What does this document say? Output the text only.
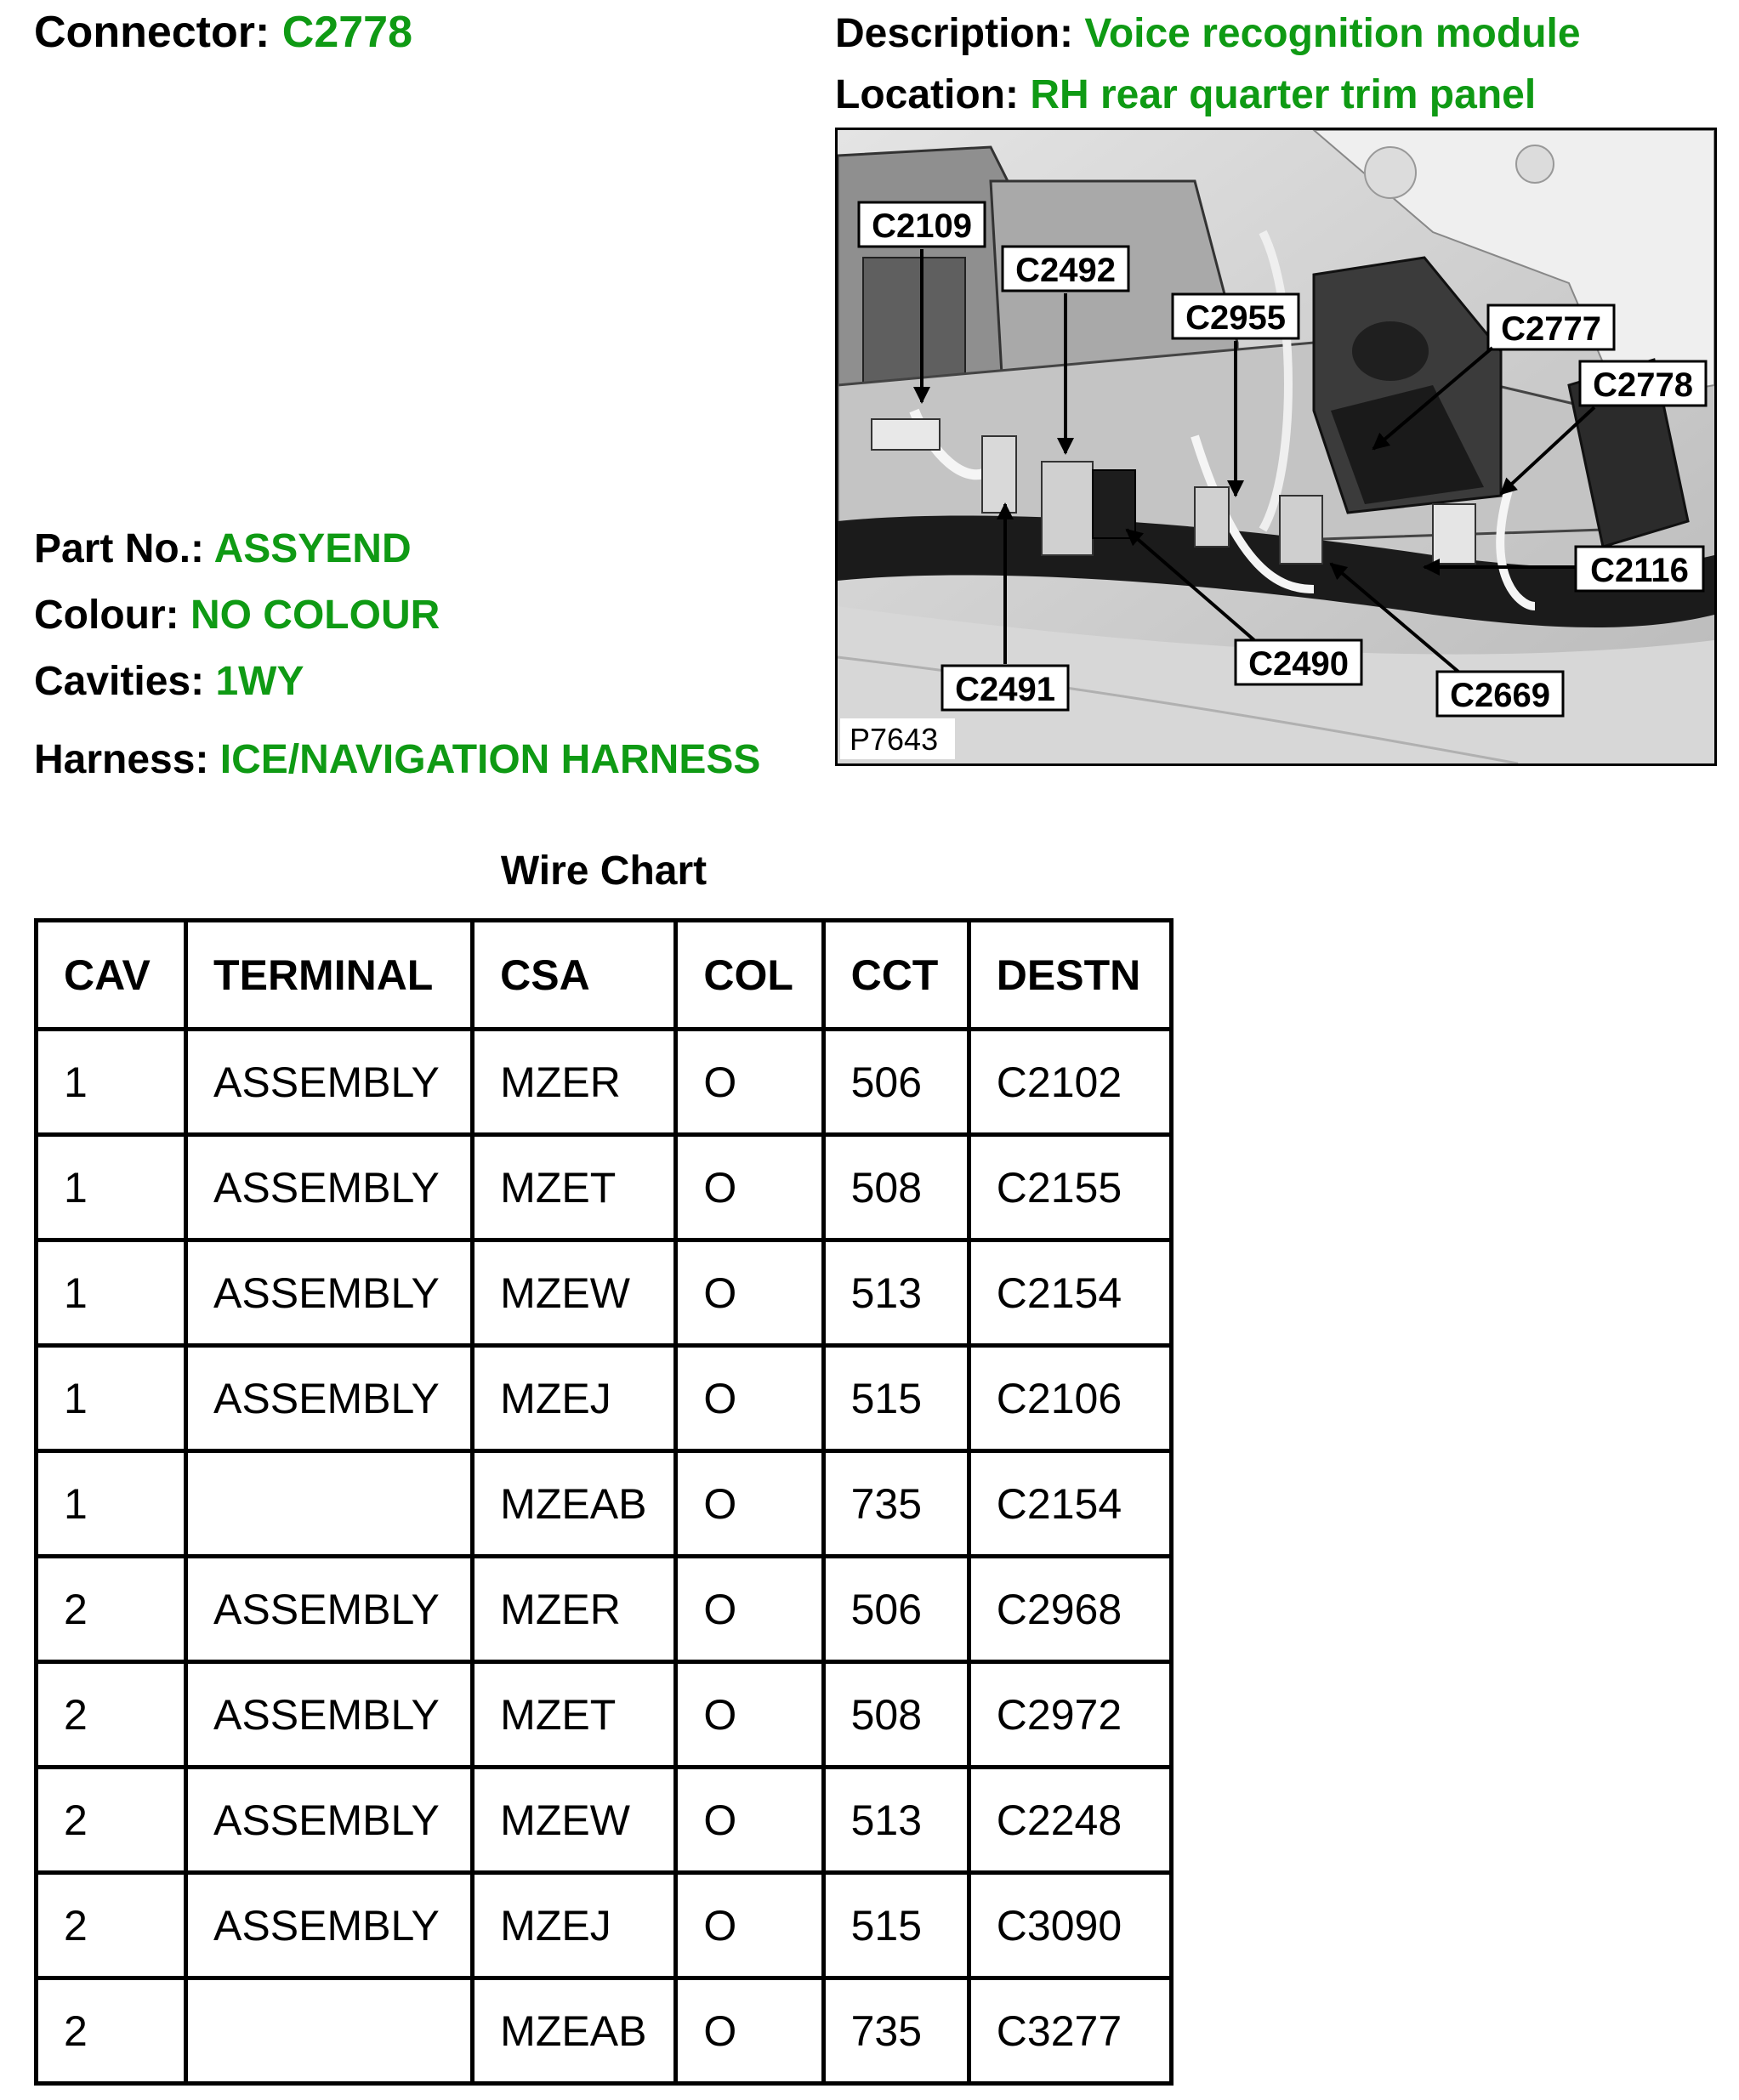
Connector: C2778	Description: Voice recognition module
Location: RH rear quarter trim panel
Part No.: ASSYEND
Colour: NO COLOUR
Cavities: 1WY
Harness: ICE/NAVIGATION HARNESS
C2109
C2492
C2955	C2777
C2778
C2116
C2490
C2669
C2491
P7643
Wire Chart
CAV	TERMINAL	CSA	COL	CCT	DESTN
1	ASSEMBLY	MZER	O	506	C2102
1	ASSEMBLY	MZET	O	508	C2155
1	ASSEMBLY	MZEW	O	513	C2154
1	ASSEMBLY	MZEJ	O	515	C2106
1		MZEAB	O	735	C2154
2	ASSEMBLY	MZER	O	506	C2968
2	ASSEMBLY	MZET	O	508	C2972
2	ASSEMBLY	MZEW	O	513	C2248
2	ASSEMBLY	MZEJ	O	515	C3090
2		MZEAB	O	735	C3277
